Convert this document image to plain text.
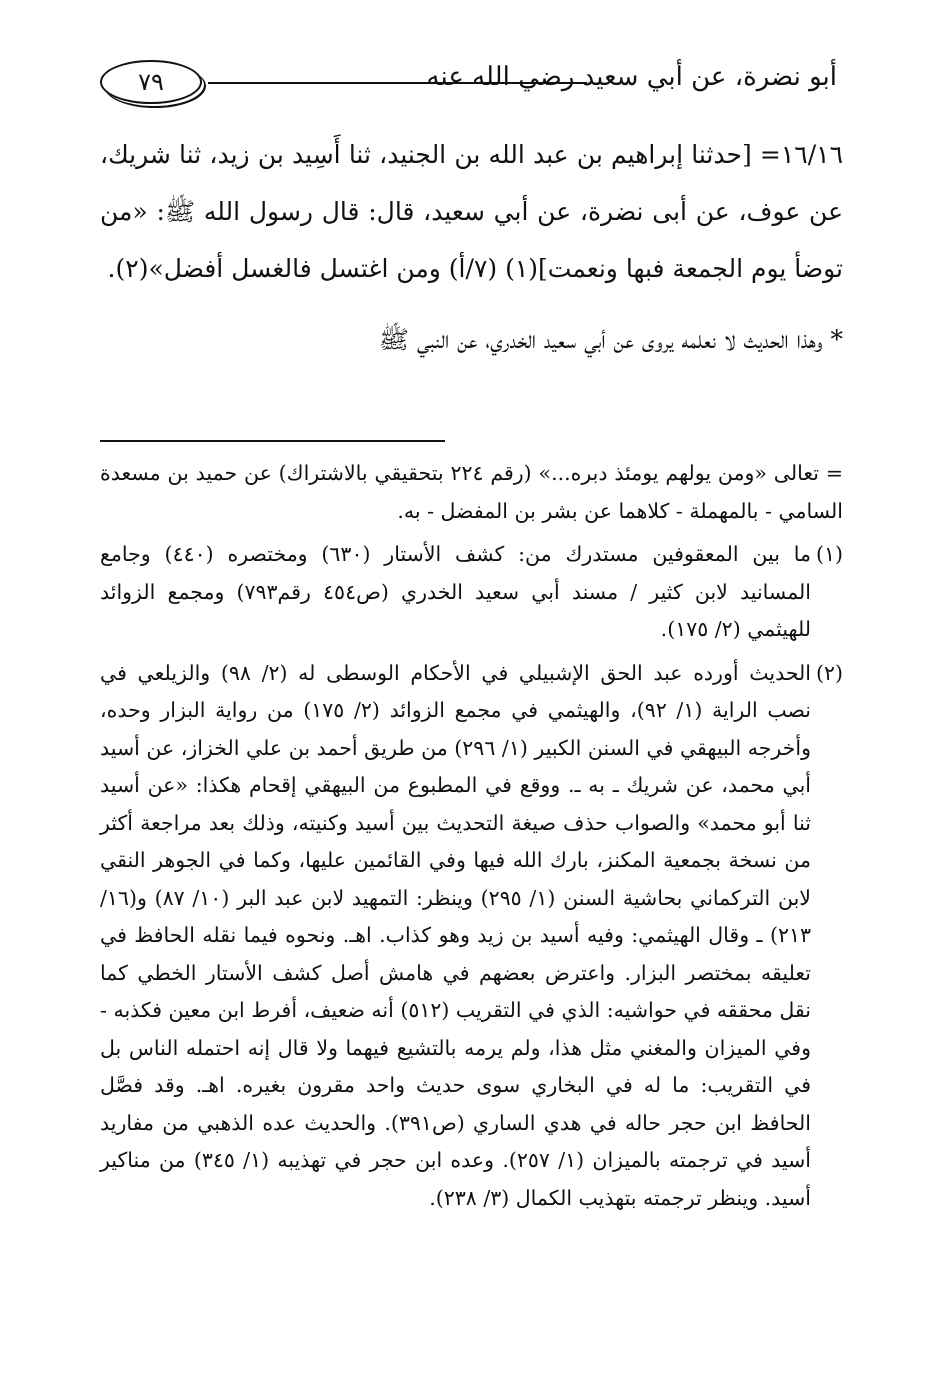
٧٩	أبو نضرة، عن أبي سعيد رضي الله عنه

١٦/١٦= [حدثنا إبراهيم بن عبد الله بن الجنيد، ثنا أَسِيد بن زيد، ثنا شريك، عن عوف، عن أبى نضرة، عن أبي سعيد، قال: قال رسول الله ﷺ: «من توضأ يوم الجمعة فبها ونعمت](١) (٧/أ) ومن اغتسل فالغسل أفضل»(٢).

* وهذا الحديث لا نعلمه يروى عن أبي سعيد الخدري، عن النبي ﷺ

= تعالى «ومن يولهم يومئذ دبره...» (رقم ٢٢٤ بتحقيقي بالاشتراك) عن حميد بن مسعدة السامي - بالمهملة - كلاهما عن بشر بن المفضل - به.

(١)
ما بين المعقوفين مستدرك من: كشف الأستار (٦٣٠) ومختصره (٤٤٠) وجامع المسانيد لابن كثير / مسند أبي سعيد الخدري (ص٤٥٤ رقم٧٩٣) ومجمع الزوائد للهيثمي (٢/ ١٧٥).

(٢)
الحديث أورده عبد الحق الإشبيلي في الأحكام الوسطى له (٢/ ٩٨) والزيلعي في نصب الراية (١/ ٩٢)، والهيثمي في مجمع الزوائد (٢/ ١٧٥) من رواية البزار وحده، وأخرجه البيهقي في السنن الكبير (١/ ٢٩٦) من طريق أحمد بن علي الخزاز، عن أسيد أبي محمد، عن شريك ـ به ـ. ووقع في المطبوع من البيهقي إقحام هكذا: «عن أسيد ثنا أبو محمد» والصواب حذف صيغة التحديث بين أسيد وكنيته، وذلك بعد مراجعة أكثر من نسخة بجمعية المكنز، بارك الله فيها وفي القائمين عليها، وكما في الجوهر النقي لابن التركماني بحاشية السنن (١/ ٢٩٥) وينظر: التمهيد لابن عبد البر (١٠/ ٨٧) و(١٦/ ٢١٣) ـ وقال الهيثمي: وفيه أسيد بن زيد وهو كذاب. اهـ. ونحوه فيما نقله الحافظ في تعليقه بمختصر البزار. واعترض بعضهم في هامش أصل كشف الأستار الخطي كما نقل محققه في حواشيه: الذي في التقريب (٥١٢) أنه ضعيف، أفرط ابن معين فكذبه - وفي الميزان والمغني مثل هذا، ولم يرمه بالتشيع فيهما ولا قال إنه احتمله الناس بل في التقريب: ما له في البخاري سوى حديث واحد مقرون بغيره. اهـ. وقد فصَّل الحافظ ابن حجر حاله في هدي الساري (ص٣٩١). والحديث عده الذهبي من مفاريد أسيد في ترجمته بالميزان (١/ ٢٥٧). وعده ابن حجر في تهذيبه (١/ ٣٤٥) من مناكير أسيد. وينظر ترجمته بتهذيب الكمال (٣/ ٢٣٨).
